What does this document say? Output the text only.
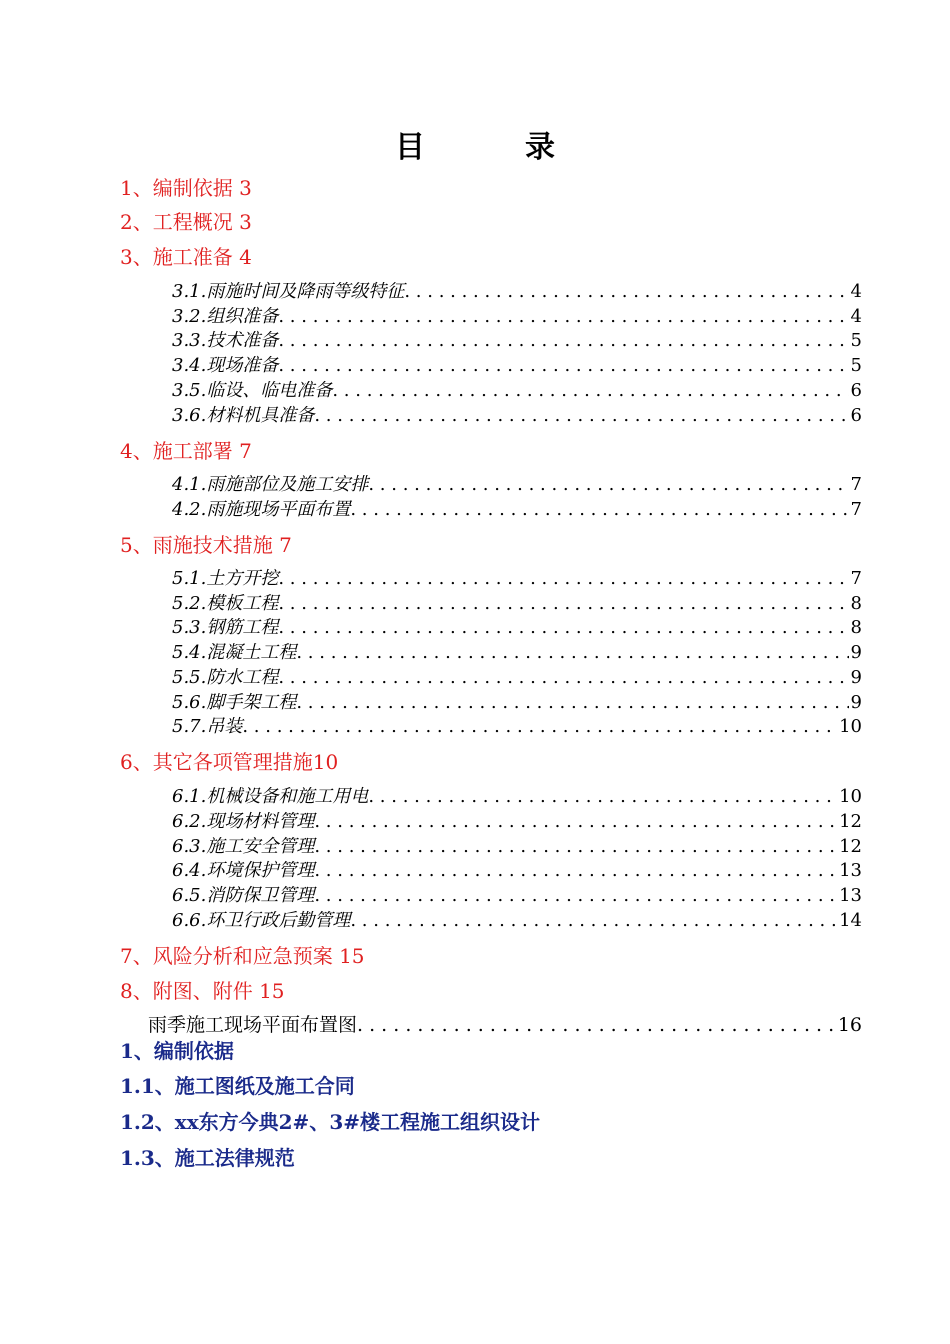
目	录
1、编制依据 3
2、工程概况 3
3、施工准备 4
3.1.雨施时间及降雨等级特征 . . .	4
3.2.组织准备 . . .	4
3.3.技术准备 . . .	5
3.4.现场准备 . . .	5
3.5.临设、临电准备 . . .	6
3.6.材料机具准备 . . .	6
4、施工部署 7
4.1.雨施部位及施工安排 . . .	7
4.2.雨施现场平面布置 . . .	7
5、雨施技术措施 7
5.1.土方开挖 . . .	7
5.2.模板工程 . . .	8
5.3.钢筋工程 . . .	8
5.4.混凝土工程 . . .	9
5.5.防水工程 . . .	9
5.6.脚手架工程 . . .	9
5.7.吊装 . . .	10
6、其它各项管理措施10
6.1.机械设备和施工用电 . . .	10
6.2.现场材料管理 . . .	12
6.3.施工安全管理 . . .	12
6.4.环境保护管理 . . .	13
6.5.消防保卫管理 . . .	13
6.6.环卫行政后勤管理 . . .	14
7、风险分析和应急预案 15
8、附图、附件 15
雨季施工现场平面布置图 . . .	16
1、编制依据
1.1、施工图纸及施工合同
1.2、xx东方今典2#、3#楼工程施工组织设计
1.3、施工法律规范
